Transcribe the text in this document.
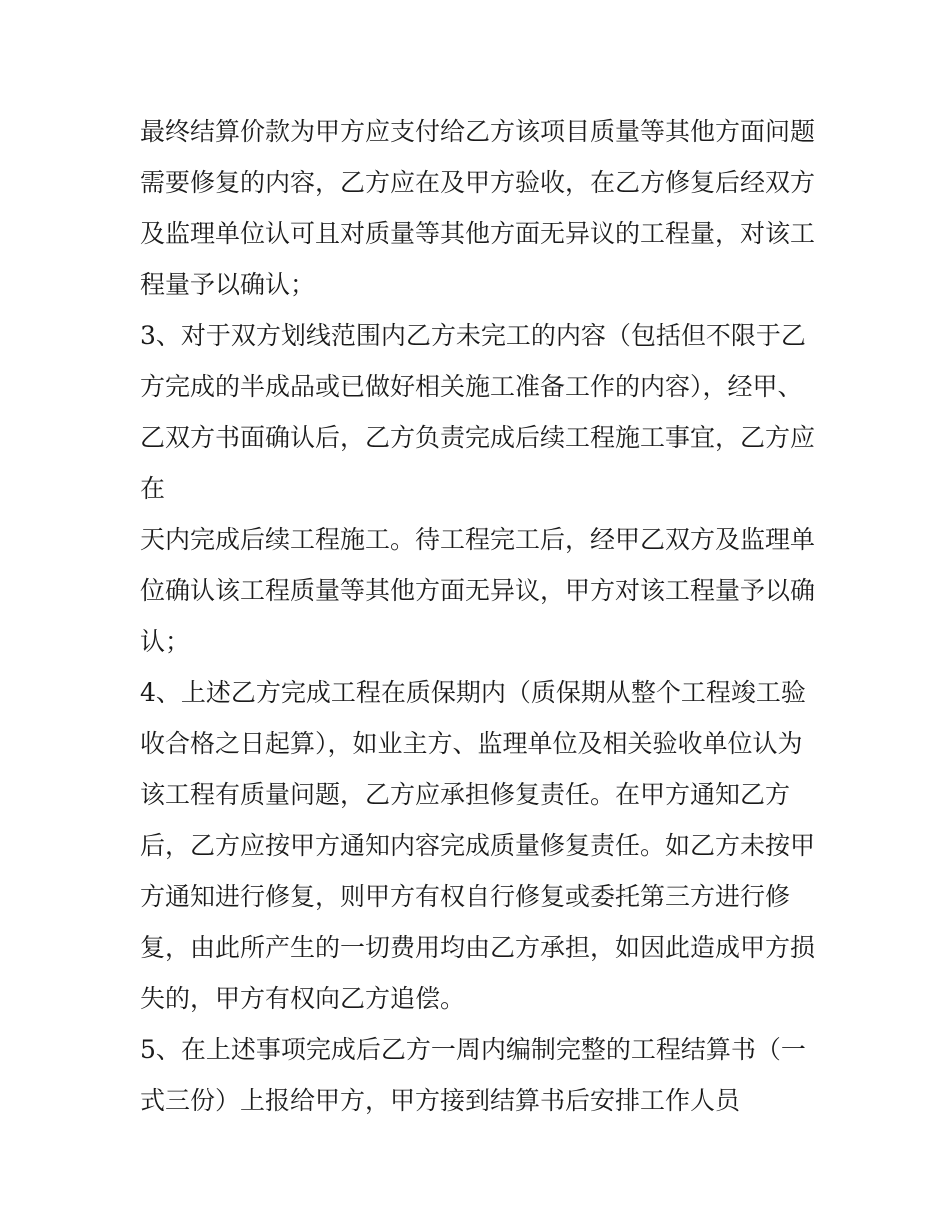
最终结算价款为甲方应支付给乙方该项目质量等其他方面问题
需要修复的内容，乙方应在及甲方验收，在乙方修复后经双方
及监理单位认可且对质量等其他方面无异议的工程量，对该工
程量予以确认；
3、对于双方划线范围内乙方未完工的内容（包括但不限于乙
方完成的半成品或已做好相关施工准备工作的内容），经甲、
乙双方书面确认后，乙方负责完成后续工程施工事宜，乙方应
在
天内完成后续工程施工。待工程完工后，经甲乙双方及监理单
位确认该工程质量等其他方面无异议，甲方对该工程量予以确
认；
4、上述乙方完成工程在质保期内（质保期从整个工程竣工验
收合格之日起算），如业主方、监理单位及相关验收单位认为
该工程有质量问题，乙方应承担修复责任。在甲方通知乙方
后，乙方应按甲方通知内容完成质量修复责任。如乙方未按甲
方通知进行修复，则甲方有权自行修复或委托第三方进行修
复，由此所产生的一切费用均由乙方承担，如因此造成甲方损
失的，甲方有权向乙方追偿。
5、在上述事项完成后乙方一周内编制完整的工程结算书（一
式三份）上报给甲方，甲方接到结算书后安排工作人员
